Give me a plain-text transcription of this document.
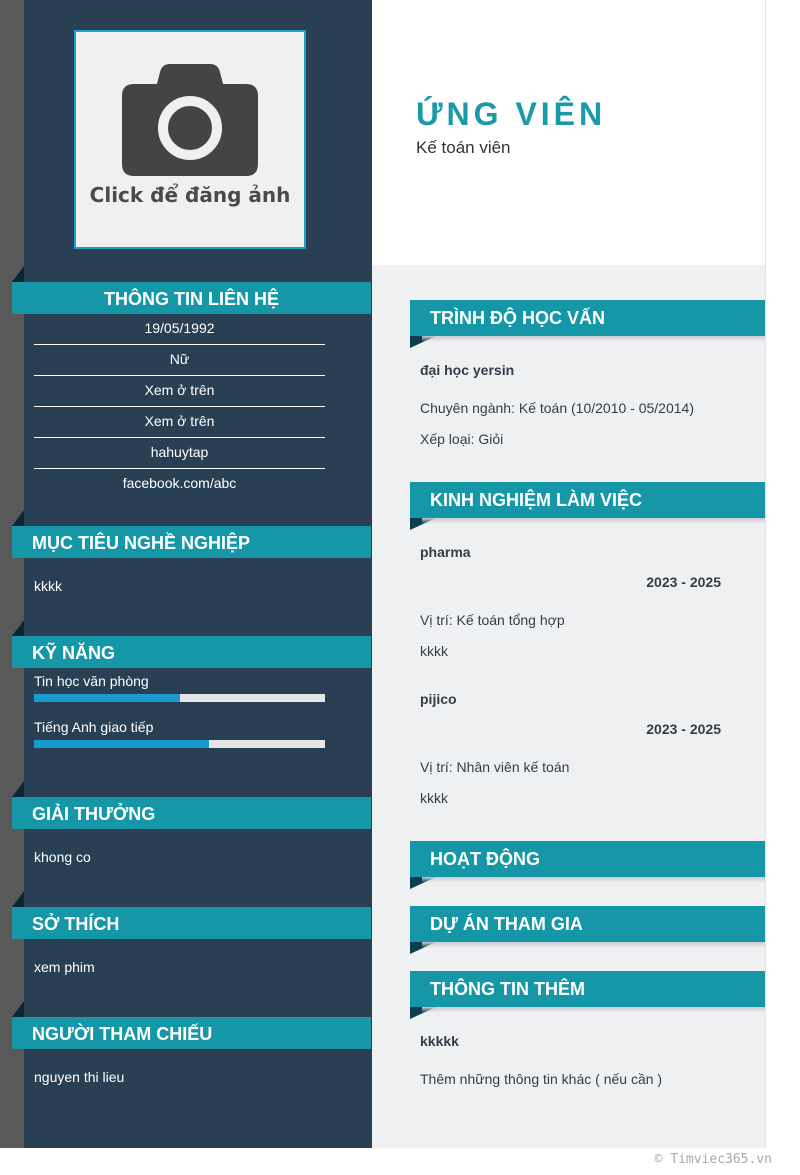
Click để đăng ảnh
ỨNG VIÊN
Kế toán viên
THÔNG TIN LIÊN HỆ
19/05/1992
Nữ
Xem ở trên
Xem ở trên
hahuytap
facebook.com/abc
MỤC TIÊU NGHỀ NGHIỆP
kkkk
KỸ NĂNG
Tin học văn phòng
Tiếng Anh giao tiếp
GIẢI THƯỞNG
khong co
SỞ THÍCH
xem phim
NGƯỜI THAM CHIẾU
nguyen thi lieu
TRÌNH ĐỘ HỌC VẤN
đại học yersin
Chuyên ngành: Kế toán (10/2010 - 05/2014)
Xếp loại: Giỏi
KINH NGHIỆM LÀM VIỆC
pharma
2023 - 2025
Vị trí: Kế toán tổng hợp
kkkk
pijico
2023 - 2025
Vị trí: Nhân viên kế toán
kkkk
HOẠT ĐỘNG
DỰ ÁN THAM GIA
THÔNG TIN THÊM
kkkkk
Thêm những thông tin khác ( nếu cần )
© Timviec365.vn
